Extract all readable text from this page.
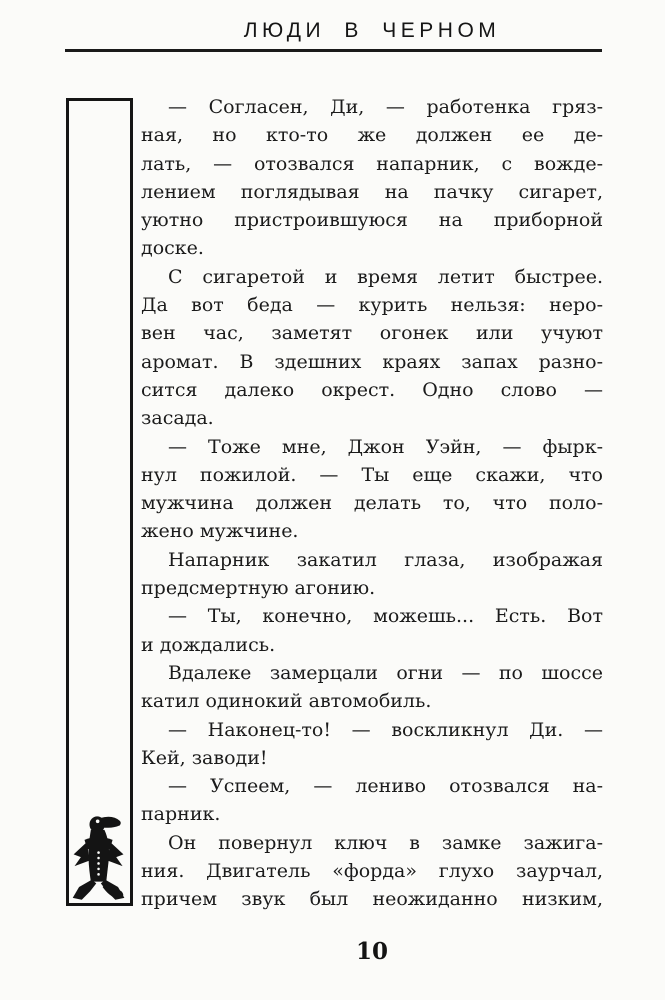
ЛЮДИ В ЧЕРНОМ
— Согласен, Ди, — работенка гряз-
ная, но кто-то же должен ее де-
лать, — отозвался напарник, с вожде-
лением поглядывая на пачку сигарет,
уютно пристроившуюся на приборной
доске.
С сигаретой и время летит быстрее.
Да вот беда — курить нельзя: неро-
вен час, заметят огонек или учуют
аромат. В здешних краях запах разно-
сится далеко окрест. Одно слово —
засада.
— Тоже мне, Джон Уэйн, — фырк-
нул пожилой. — Ты еще скажи, что
мужчина должен делать то, что поло-
жено мужчине.
Напарник закатил глаза, изображая
предсмертную агонию.
— Ты, конечно, можешь... Есть. Вот
и дождались.
Вдалеке замерцали огни — по шоссе
катил одинокий автомобиль.
— Наконец-то! — воскликнул Ди. —
Кей, заводи!
— Успеем, — лениво отозвался на-
парник.
Он повернул ключ в замке зажига-
ния. Двигатель «форда» глухо заурчал,
причем звук был неожиданно низким,
10
